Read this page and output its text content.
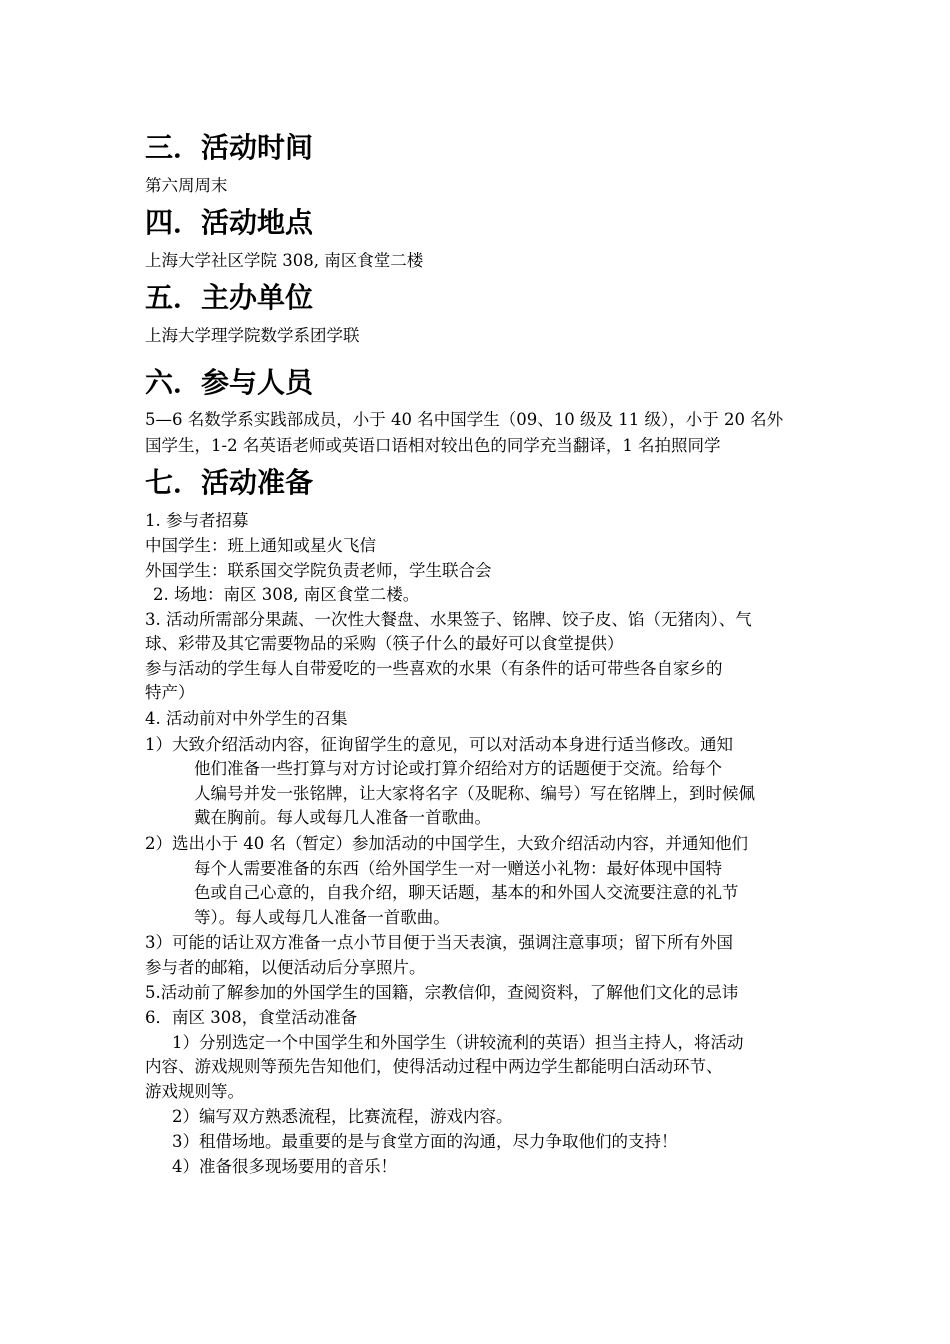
三．活动时间
第六周周末
四．活动地点
上海大学社区学院 308, 南区食堂二楼
五．主办单位
上海大学理学院数学系团学联
六．参与人员
5—6 名数学系实践部成员，小于 40 名中国学生（09、10 级及 11 级），小于 20 名外
国学生，1-2 名英语老师或英语口语相对较出色的同学充当翻译，1 名拍照同学
七．活动准备
1. 参与者招募
中国学生：班上通知或星火飞信
外国学生：联系国交学院负责老师，学生联合会
2. 场地：南区 308, 南区食堂二楼。
3. 活动所需部分果蔬、一次性大餐盘、水果签子、铭牌、饺子皮、馅（无猪肉）、气
球、彩带及其它需要物品的采购（筷子什么的最好可以食堂提供）
参与活动的学生每人自带爱吃的一些喜欢的水果（有条件的话可带些各自家乡的
特产）
4. 活动前对中外学生的召集
1）大致介绍活动内容，征询留学生的意见，可以对活动本身进行适当修改。通知
他们准备一些打算与对方讨论或打算介绍给对方的话题便于交流。给每个
人编号并发一张铭牌，让大家将名字（及昵称、编号）写在铭牌上，到时候佩
戴在胸前。每人或每几人准备一首歌曲。
2）选出小于 40 名（暂定）参加活动的中国学生，大致介绍活动内容，并通知他们
每个人需要准备的东西（给外国学生一对一赠送小礼物：最好体现中国特
色或自己心意的，自我介绍，聊天话题，基本的和外国人交流要注意的礼节
等）。每人或每几人准备一首歌曲。
3）可能的话让双方准备一点小节目便于当天表演，强调注意事项；留下所有外国
参与者的邮箱，以便活动后分享照片。
5.活动前了解参加的外国学生的国籍，宗教信仰，查阅资料，了解他们文化的忌讳
6．南区 308，食堂活动准备
1）分别选定一个中国学生和外国学生（讲较流利的英语）担当主持人，将活动
内容、游戏规则等预先告知他们，使得活动过程中两边学生都能明白活动环节、
游戏规则等。
2）编写双方熟悉流程，比赛流程，游戏内容。
3）租借场地。最重要的是与食堂方面的沟通，尽力争取他们的支持！
4）准备很多现场要用的音乐！
